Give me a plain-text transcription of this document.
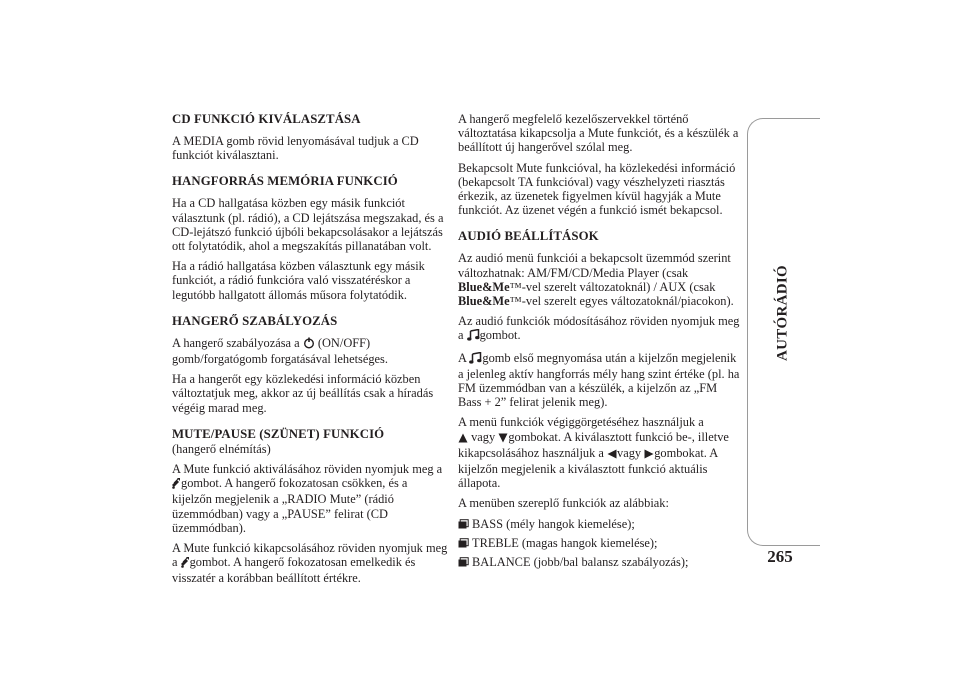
CD FUNKCIÓ KIVÁLASZTÁSA

A MEDIA gomb rövid lenyomásával tudjuk a CD funkciót kiválasztani.

HANGFORRÁS MEMÓRIA FUNKCIÓ

Ha a CD hallgatása közben egy másik funkciót választunk (pl. rádió), a CD lejátszása megszakad, és a CD-lejátszó funkció újbóli bekapcsolásakor a lejátszás ott folytatódik, ahol a megszakítás pillanatában volt.

Ha a rádió hallgatása közben választunk egy másik funkciót, a rádió funkcióra való visszatéréskor a legutóbb hallgatott állomás műsora folytatódik.

HANGERŐ SZABÁLYOZÁS

A hangerő szabályozása a (ON/OFF) gomb/forgatógomb forgatásával lehetséges.

Ha a hangerőt egy közlekedési információ közben változtatjuk meg, akkor az új beállítás csak a híradás végéig marad meg.

MUTE/PAUSE (SZÜNET) FUNKCIÓ

(hangerő elnémítás)

A Mute funkció aktiválásához röviden nyomjuk meg a gombot. A hangerő fokozatosan csökken, és a kijelzőn megjelenik a „RADIO Mute” (rádió üzemmódban) vagy a „PAUSE” felirat (CD üzemmódban).

A Mute funkció kikapcsolásához röviden nyomjuk meg a gombot. A hangerő fokozatosan emelkedik és visszatér a korábban beállított értékre.

A hangerő megfelelő kezelőszervekkel történő változtatása kikapcsolja a Mute funkciót, és a készülék a beállított új hangerővel szólal meg.

Bekapcsolt Mute funkcióval, ha közlekedési információ (bekapcsolt TA funkcióval) vagy vészhelyzeti riasztás érkezik, az üzenetek figyelmen kívül hagyják a Mute funkciót. Az üzenet végén a funkció ismét bekapcsol.

AUDIÓ BEÁLLÍTÁSOK

Az audió menü funkciói a bekapcsolt üzemmód szerint változhatnak: AM/FM/CD/Media Player (csak Blue&Me™-vel szerelt változatoknál) / AUX (csak Blue&Me™-vel szerelt egyes változatoknál/piacokon).

Az audió funkciók módosításához röviden nyomjuk meg a gombot.

A gomb első megnyomása után a kijelzőn megjelenik a jelenleg aktív hangforrás mély hang szint értéke (pl. ha FM üzemmódban van a készülék, a kijelzőn az „FM Bass + 2” felirat jelenik meg).

A menü funkciók végiggörgetéséhez használjuk a
vagy gombokat. A kiválasztott funkció be-, illetve kikapcsolásához használjuk a vagy gombokat. A kijelzőn megjelenik a kiválasztott funkció aktuális állapota.

A menüben szereplő funkciók az alábbiak:

BASS (mély hangok kiemelése);
TREBLE (magas hangok kiemelése);
BALANCE (jobb/bal balansz szabályozás);
AUTÓRÁDIÓ
265
